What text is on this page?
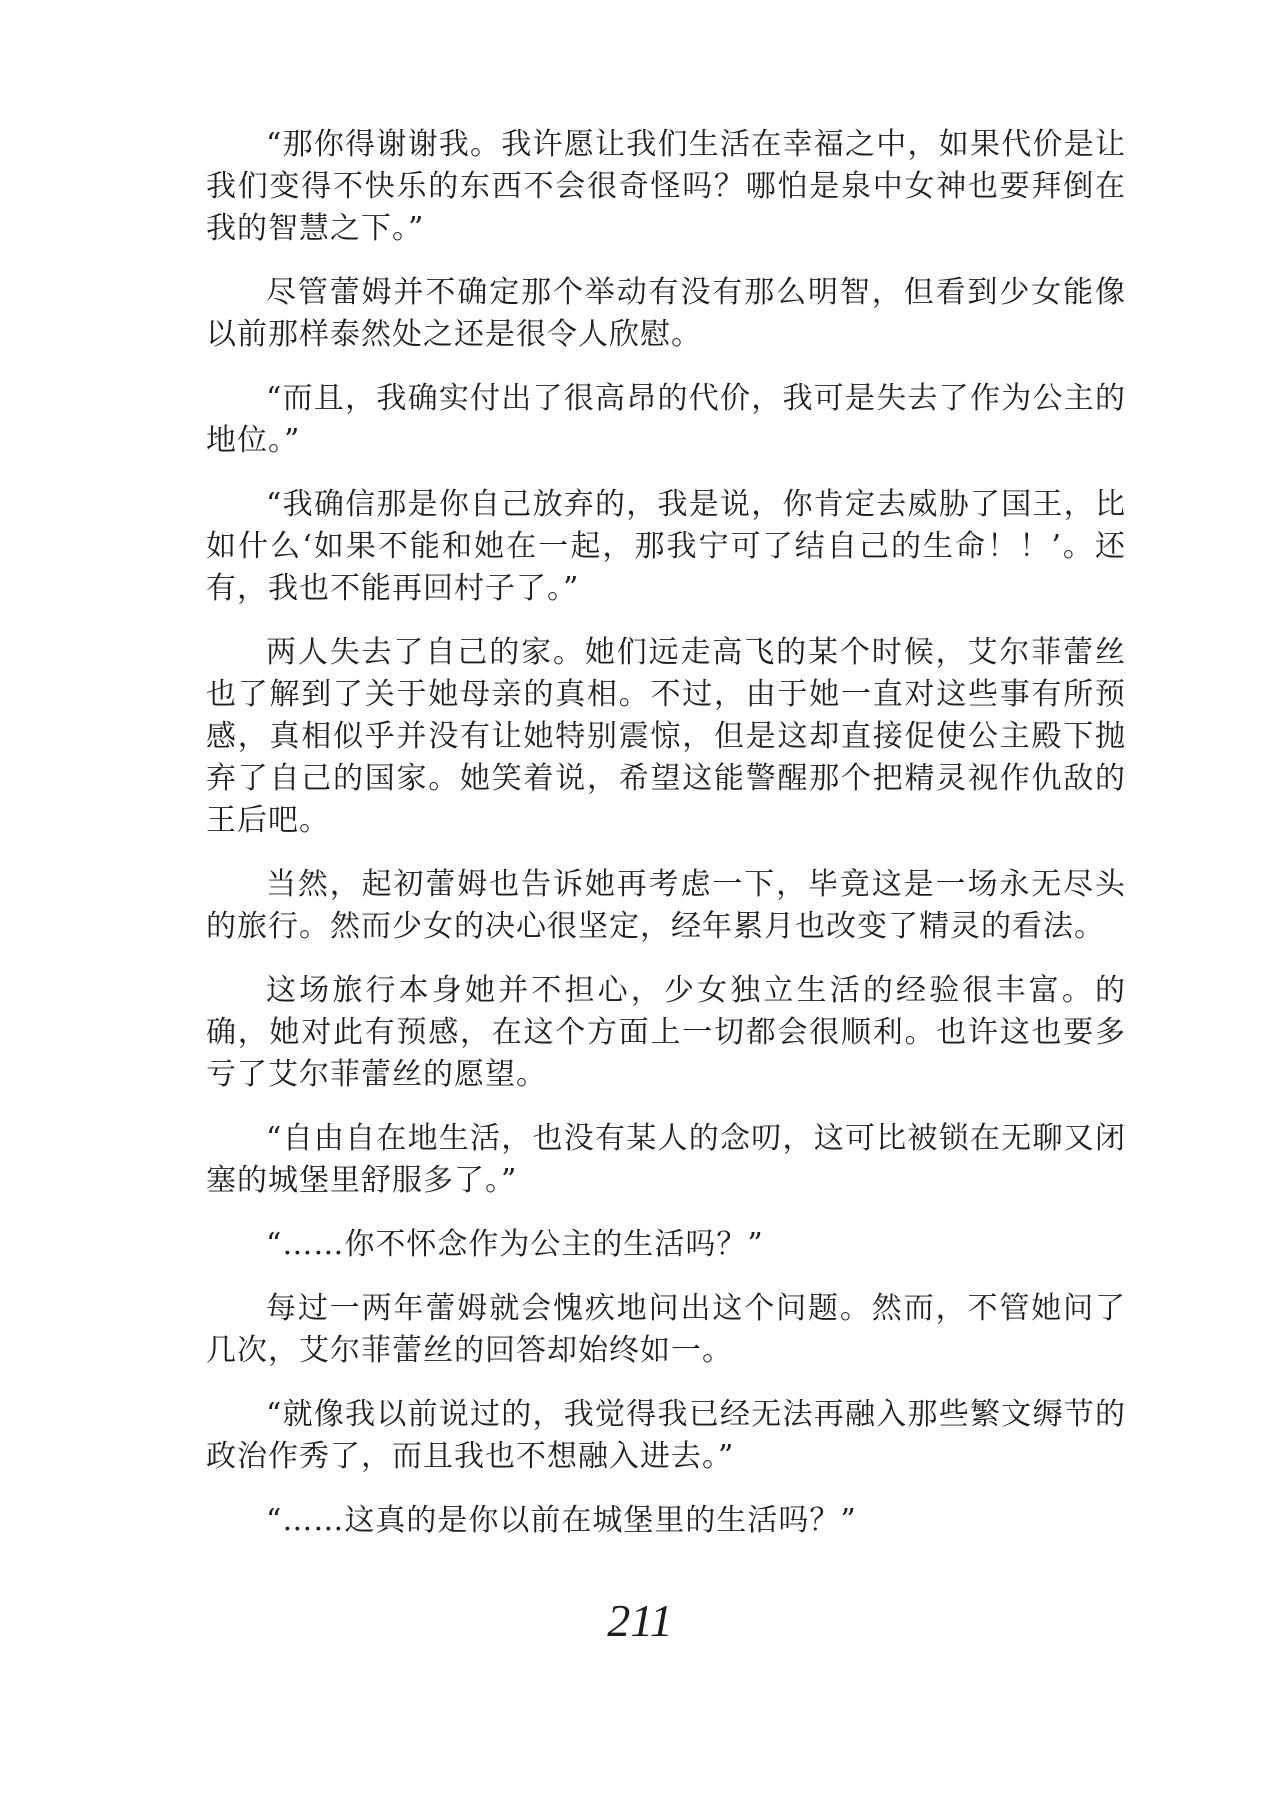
“那你得谢谢我。我许愿让我们生活在幸福之中，如果代价是让我们变得不快乐的东西不会很奇怪吗？哪怕是泉中女神也要拜倒在我的智慧之下。”

尽管蕾姆并不确定那个举动有没有那么明智，但看到少女能像以前那样泰然处之还是很令人欣慰。

“而且，我确实付出了很高昂的代价，我可是失去了作为公主的地位。”

“我确信那是你自己放弃的，我是说，你肯定去威胁了国王，比如什么‘如果不能和她在一起，那我宁可了结自己的生命！！’。还有，我也不能再回村子了。”

两人失去了自己的家。她们远走高飞的某个时候，艾尔菲蕾丝也了解到了关于她母亲的真相。不过，由于她一直对这些事有所预感，真相似乎并没有让她特别震惊，但是这却直接促使公主殿下抛弃了自己的国家。她笑着说，希望这能警醒那个把精灵视作仇敌的王后吧。

当然，起初蕾姆也告诉她再考虑一下，毕竟这是一场永无尽头的旅行。然而少女的决心很坚定，经年累月也改变了精灵的看法。

这场旅行本身她并不担心，少女独立生活的经验很丰富。的确，她对此有预感，在这个方面上一切都会很顺利。也许这也要多亏了艾尔菲蕾丝的愿望。

“自由自在地生活，也没有某人的念叨，这可比被锁在无聊又闭塞的城堡里舒服多了。”

“……你不怀念作为公主的生活吗？”

每过一两年蕾姆就会愧疚地问出这个问题。然而，不管她问了几次，艾尔菲蕾丝的回答却始终如一。

“就像我以前说过的，我觉得我已经无法再融入那些繁文缛节的政治作秀了，而且我也不想融入进去。”

“……这真的是你以前在城堡里的生活吗？”

211
